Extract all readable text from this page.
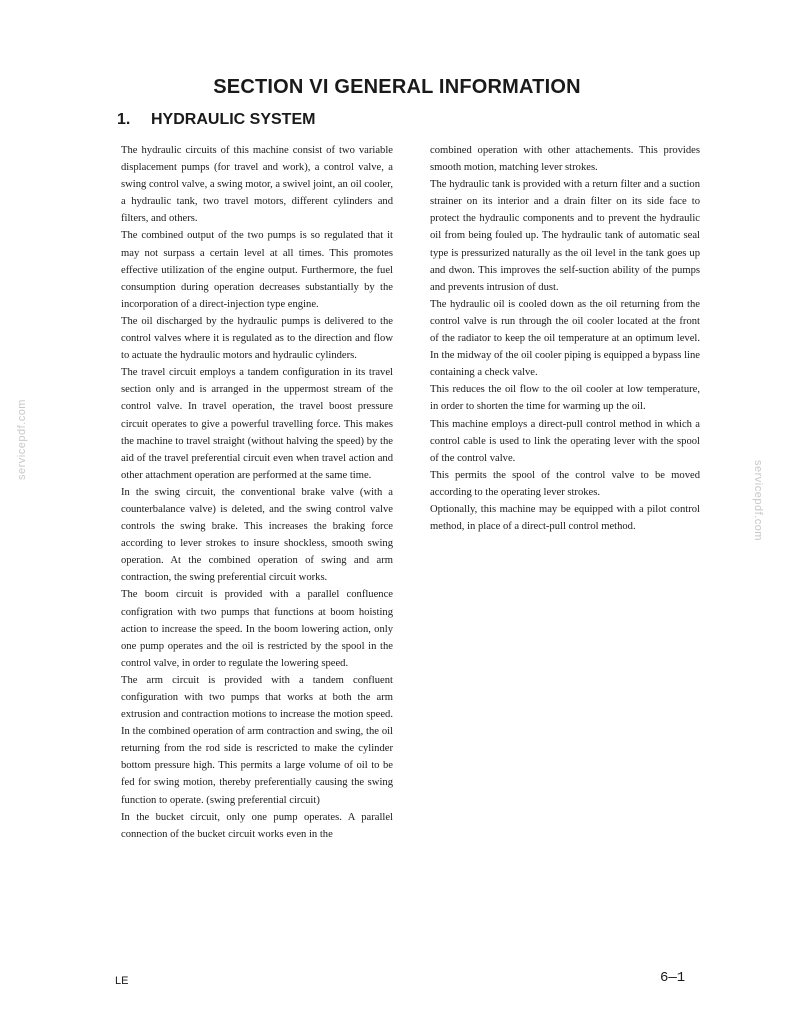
SECTION VI GENERAL INFORMATION
1. HYDRAULIC SYSTEM

The hydraulic circuits of this machine consist of two variable displacement pumps (for travel and work), a control valve, a swing control valve, a swing motor, a swivel joint, an oil cooler, a hydraulic tank, two travel motors, different cylinders and filters, and others.

The combined output of the two pumps is so regulated that it may not surpass a certain level at all times. This promotes effective utilization of the engine output. Furthermore, the fuel consumption during operation decreases substantially by the incorporation of a direct-injection type engine.

The oil discharged by the hydraulic pumps is delivered to the control valves where it is regulated as to the direction and flow to actuate the hydraulic motors and hydraulic cylinders.

The travel circuit employs a tandem configuration in its travel section only and is arranged in the uppermost stream of the control valve. In travel operation, the travel boost pressure circuit operates to give a powerful travelling force. This makes the machine to travel straight (without halving the speed) by the aid of the travel preferential circuit even when travel action and other attachment operation are performed at the same time.

In the swing circuit, the conventional brake valve (with a counterbalance valve) is deleted, and the swing control valve controls the swing brake. This increases the braking force according to lever strokes to insure shockless, smooth swing operation. At the combined operation of swing and arm contraction, the swing preferential circuit works.

The boom circuit is provided with a parallel confluence configration with two pumps that functions at boom hoisting action to increase the speed. In the boom lowering action, only one pump operates and the oil is restricted by the spool in the control valve, in order to regulate the lowering speed.

The arm circuit is provided with a tandem confluent configuration with two pumps that works at both the arm extrusion and contraction motions to increase the motion speed. In the combined operation of arm contraction and swing, the oil returning from the rod side is rescricted to make the cylinder bottom pressure high. This permits a large volume of oil to be fed for swing motion, thereby preferentially causing the swing function to operate. (swing preferential circuit)

In the bucket circuit, only one pump operates. A parallel connection of the bucket circuit works even in the

combined operation with other attachements. This provides smooth motion, matching lever strokes.

The hydraulic tank is provided with a return filter and a suction strainer on its interior and a drain filter on its side face to protect the hydraulic components and to prevent the hydraulic oil from being fouled up. The hydraulic tank of automatic seal type is pressurized naturally as the oil level in the tank goes up and dwon. This improves the self-suction ability of the pumps and prevents intrusion of dust.

The hydraulic oil is cooled down as the oil returning from the control valve is run through the oil cooler located at the front of the radiator to keep the oil temperature at an optimum level. In the midway of the oil cooler piping is equipped a bypass line containing a check valve.

This reduces the oil flow to the oil cooler at low temperature, in order to shorten the time for warming up the oil.

This machine employs a direct-pull control method in which a control cable is used to link the operating lever with the spool of the control valve.

This permits the spool of the control valve to be moved according to the operating lever strokes.

Optionally, this machine may be equipped with a pilot control method, in place of a direct-pull control method.

servicepdf.com
servicepdf.com
LE	6—1
